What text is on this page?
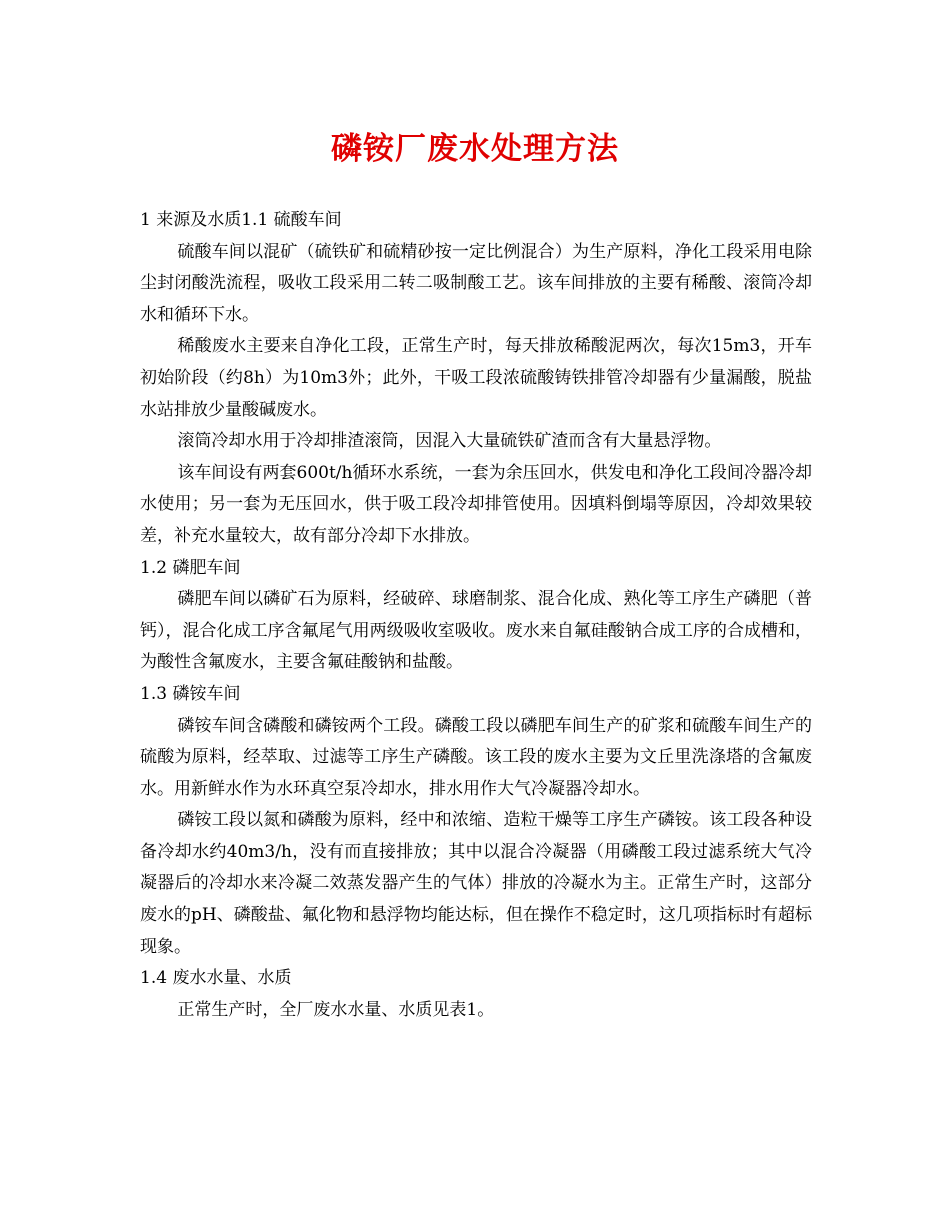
磷铵厂废水处理方法

1 来源及水质1.1 硫酸车间

硫酸车间以混矿（硫铁矿和硫精砂按一定比例混合）为生产原料，净化工段采用电除尘封闭酸洗流程，吸收工段采用二转二吸制酸工艺。该车间排放的主要有稀酸、滚筒冷却水和循环下水。

稀酸废水主要来自净化工段，正常生产时，每天排放稀酸泥两次，每次15m3，开车初始阶段（约8h）为10m3外；此外，干吸工段浓硫酸铸铁排管冷却器有少量漏酸，脱盐水站排放少量酸碱废水。

滚筒冷却水用于冷却排渣滚筒，因混入大量硫铁矿渣而含有大量悬浮物。

该车间设有两套600t/h循环水系统，一套为余压回水，供发电和净化工段间冷器冷却水使用；另一套为无压回水，供于吸工段冷却排管使用。因填料倒塌等原因，冷却效果较差，补充水量较大，故有部分冷却下水排放。

1.2 磷肥车间

磷肥车间以磷矿石为原料，经破碎、球磨制浆、混合化成、熟化等工序生产磷肥（普钙），混合化成工序含氟尾气用两级吸收室吸收。废水来自氟硅酸钠合成工序的合成槽和，为酸性含氟废水，主要含氟硅酸钠和盐酸。

1.3 磷铵车间

磷铵车间含磷酸和磷铵两个工段。磷酸工段以磷肥车间生产的矿浆和硫酸车间生产的硫酸为原料，经萃取、过滤等工序生产磷酸。该工段的废水主要为文丘里洗涤塔的含氟废水。用新鲜水作为水环真空泵冷却水，排水用作大气冷凝器冷却水。

磷铵工段以氮和磷酸为原料，经中和浓缩、造粒干燥等工序生产磷铵。该工段各种设备冷却水约40m3/h，没有而直接排放；其中以混合冷凝器（用磷酸工段过滤系统大气冷凝器后的冷却水来冷凝二效蒸发器产生的气体）排放的冷凝水为主。正常生产时，这部分废水的pH、磷酸盐、氟化物和悬浮物均能达标，但在操作不稳定时，这几项指标时有超标现象。

1.4 废水水量、水质

正常生产时，全厂废水水量、水质见表1。
